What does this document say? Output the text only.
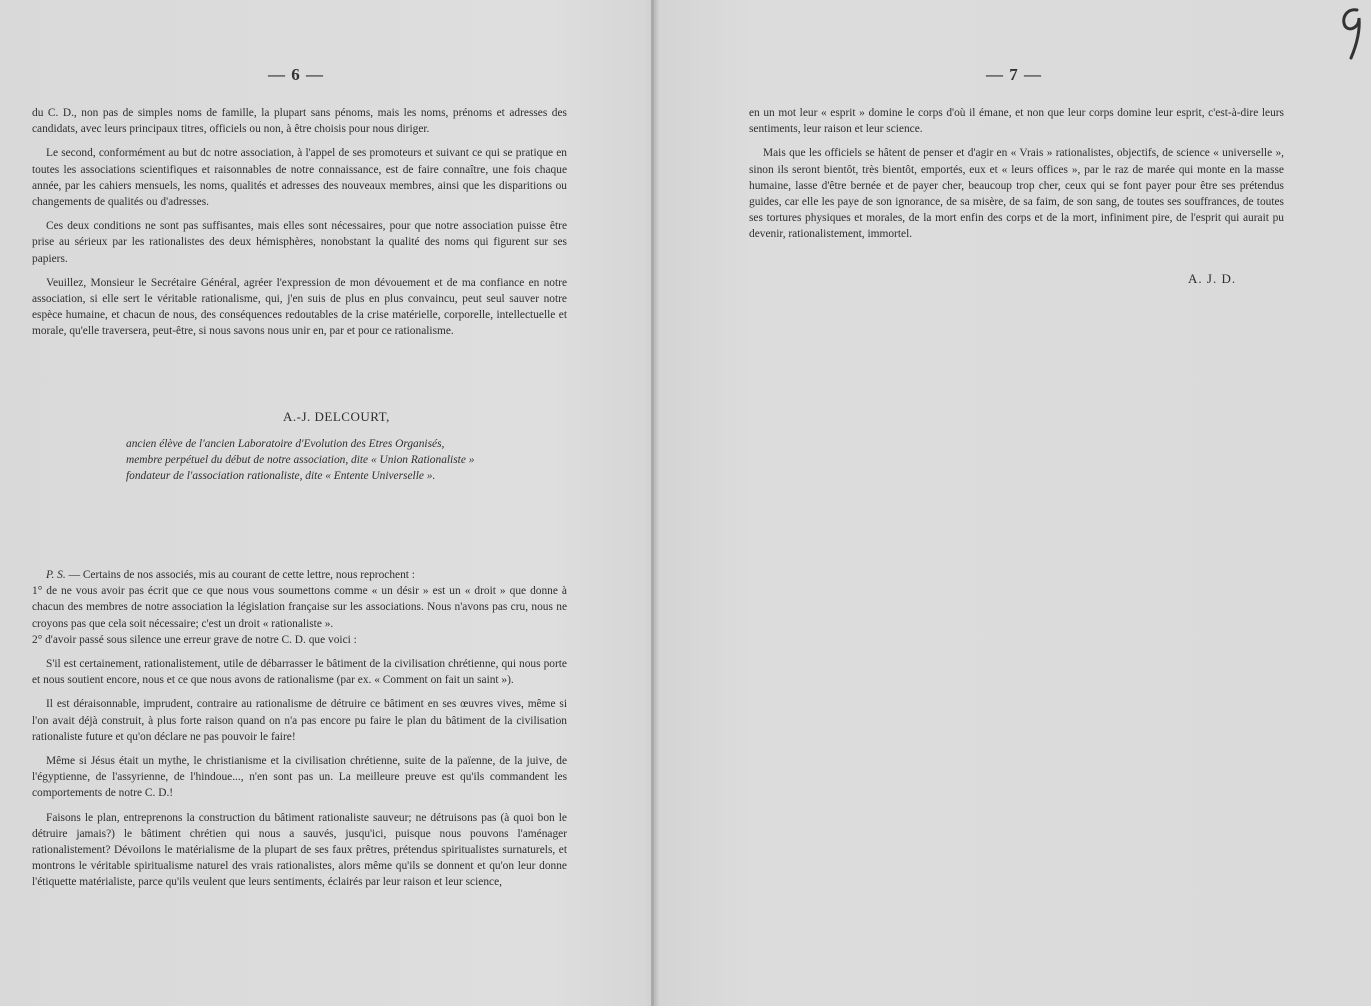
— 6 —

du C. D., non pas de simples noms de famille, la plupart sans pénoms, mais les noms, prénoms et adresses des candidats, avec leurs principaux titres, officiels ou non, à être choisis pour nous diriger.

Le second, conformément au but dc notre association, à l'appel de ses promoteurs et suivant ce qui se pratique en toutes les associations scientifiques et raisonnables de notre connaissance, est de faire connaître, une fois chaque année, par les cahiers mensuels, les noms, qualités et adresses des nouveaux membres, ainsi que les disparitions ou changements de qualités ou d'adresses.

Ces deux conditions ne sont pas suffisantes, mais elles sont nécessaires, pour que notre association puisse être prise au sérieux par les rationalistes des deux hémisphères, nonobstant la qualité des noms qui figurent sur ses papiers.

Veuillez, Monsieur le Secrétaire Général, agréer l'expression de mon dévouement et de ma confiance en notre association, si elle sert le véritable rationalisme, qui, j'en suis de plus en plus convaincu, peut seul sauver notre espèce humaine, et chacun de nous, des conséquences redoutables de la crise matérielle, corporelle, intellectuelle et morale, qu'elle traversera, peut-être, si nous savons nous unir en, par et pour ce rationalisme.

A.-J. DELCOURT,
ancien élève de l'ancien Laboratoire d'Evolution des Etres Organisés,
membre perpétuel du début de notre association, dite « Union Rationaliste »
fondateur de l'association rationaliste, dite « Entente Universelle ».

P. S. — Certains de nos associés, mis au courant de cette lettre, nous reprochent :

1° de ne vous avoir pas écrit que ce que nous vous soumettons comme « un désir » est un « droit » que donne à chacun des membres de notre association la législation française sur les associations. Nous n'avons pas cru, nous ne croyons pas que cela soit nécessaire; c'est un droit « rationaliste ».

2° d'avoir passé sous silence une erreur grave de notre C. D. que voici :

S'il est certainement, rationalistement, utile de débarrasser le bâtiment de la civilisation chrétienne, qui nous porte et nous soutient encore, nous et ce que nous avons de rationalisme (par ex. « Comment on fait un saint »).

Il est déraisonnable, imprudent, contraire au rationalisme de détruire ce bâtiment en ses œuvres vives, même si l'on avait déjà construit, à plus forte raison quand on n'a pas encore pu faire le plan du bâtiment de la civilisation rationaliste future et qu'on déclare ne pas pouvoir le faire!

Même si Jésus était un mythe, le christianisme et la civilisation chrétienne, suite de la païenne, de la juive, de l'égyptienne, de l'assyrienne, de l'hindoue..., n'en sont pas un. La meilleure preuve est qu'ils commandent les comportements de notre C. D.!

Faisons le plan, entreprenons la construction du bâtiment rationaliste sauveur; ne détruisons pas (à quoi bon le détruire jamais?) le bâtiment chrétien qui nous a sauvés, jusqu'ici, puisque nous pouvons l'aménager rationalistement? Dévoilons le matérialisme de la plupart de ses faux prêtres, prétendus spiritualistes surnaturels, et montrons le véritable spiritualisme naturel des vrais rationalistes, alors même qu'ils se donnent et qu'on leur donne l'étiquette matérialiste, parce qu'ils veulent que leurs sentiments, éclairés par leur raison et leur science,

— 7 —

en un mot leur « esprit » domine le corps d'où il émane, et non que leur corps domine leur esprit, c'est-à-dire leurs sentiments, leur raison et leur science.

Mais que les officiels se hâtent de penser et d'agir en « Vrais » rationalistes, objectifs, de science « universelle », sinon ils seront bientôt, très bientôt, emportés, eux et « leurs offices », par le raz de marée qui monte en la masse humaine, lasse d'être bernée et de payer cher, beaucoup trop cher, ceux qui se font payer pour être ses prétendus guides, car elle les paye de son ignorance, de sa misère, de sa faim, de son sang, de toutes ses souffrances, de toutes ses tortures physiques et morales, de la mort enfin des corps et de la mort, infiniment pire, de l'esprit qui aurait pu devenir, rationalistement, immortel.

A. J. D.
